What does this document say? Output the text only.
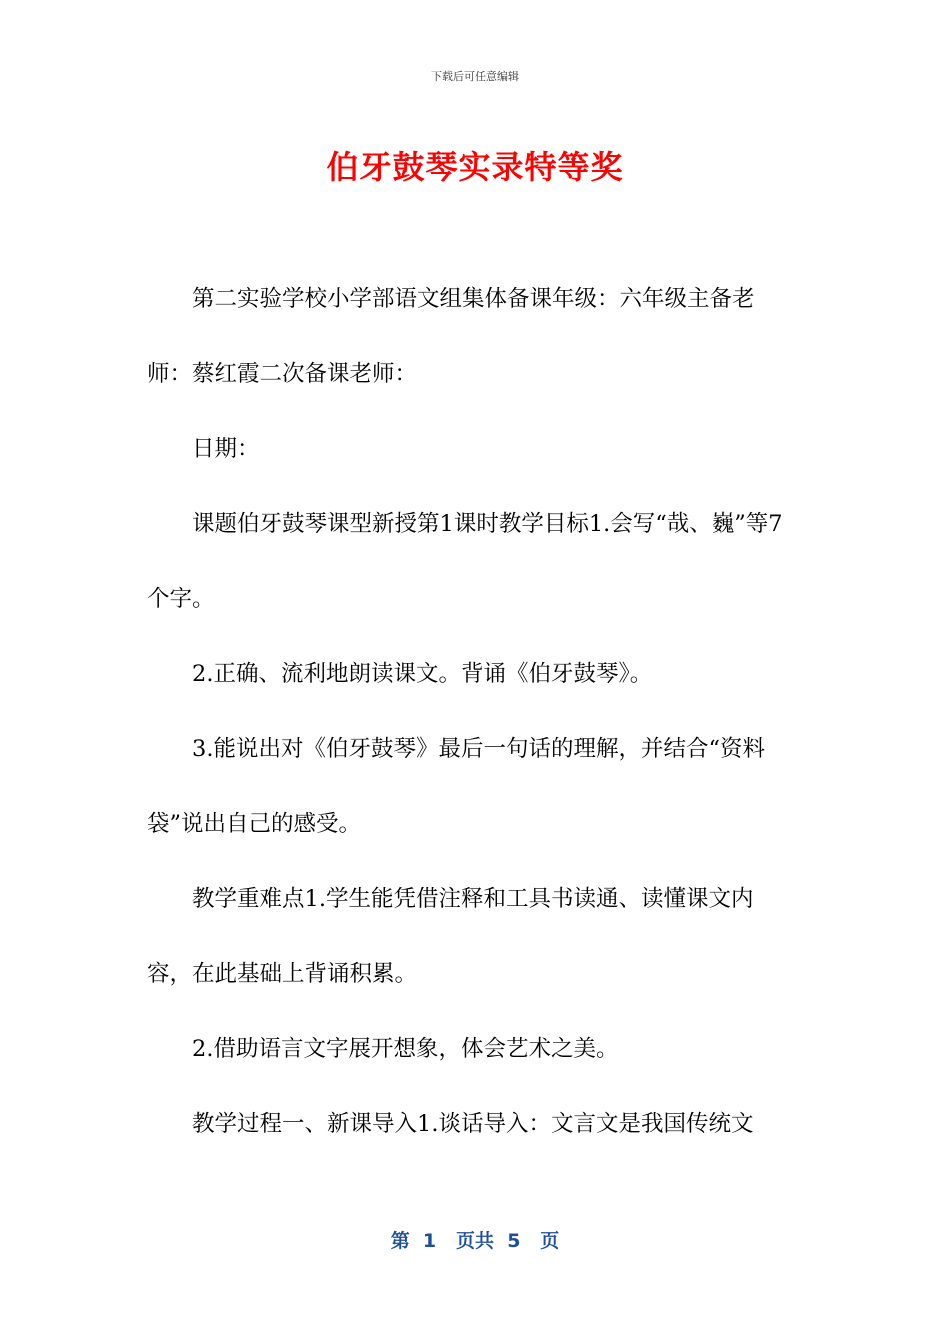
下载后可任意编辑
伯牙鼓琴实录特等奖

第二实验学校小学部语文组集体备课年级：六年级主备老师：蔡红霞二次备课老师：

日期：

课题伯牙鼓琴课型新授第1课时教学目标1.会写“哉、巍”等7个字。

2.正确、流利地朗读课文。背诵《伯牙鼓琴》。

3.能说出对《伯牙鼓琴》最后一句话的理解，并结合“资料袋”说出自己的感受。

教学重难点1.学生能凭借注释和工具书读通、读懂课文内容，在此基础上背诵积累。

2.借助语言文字展开想象，体会艺术之美。

教学过程一、新课导入1.谈话导入：文言文是我国传统文

第  1   页共  5   页
